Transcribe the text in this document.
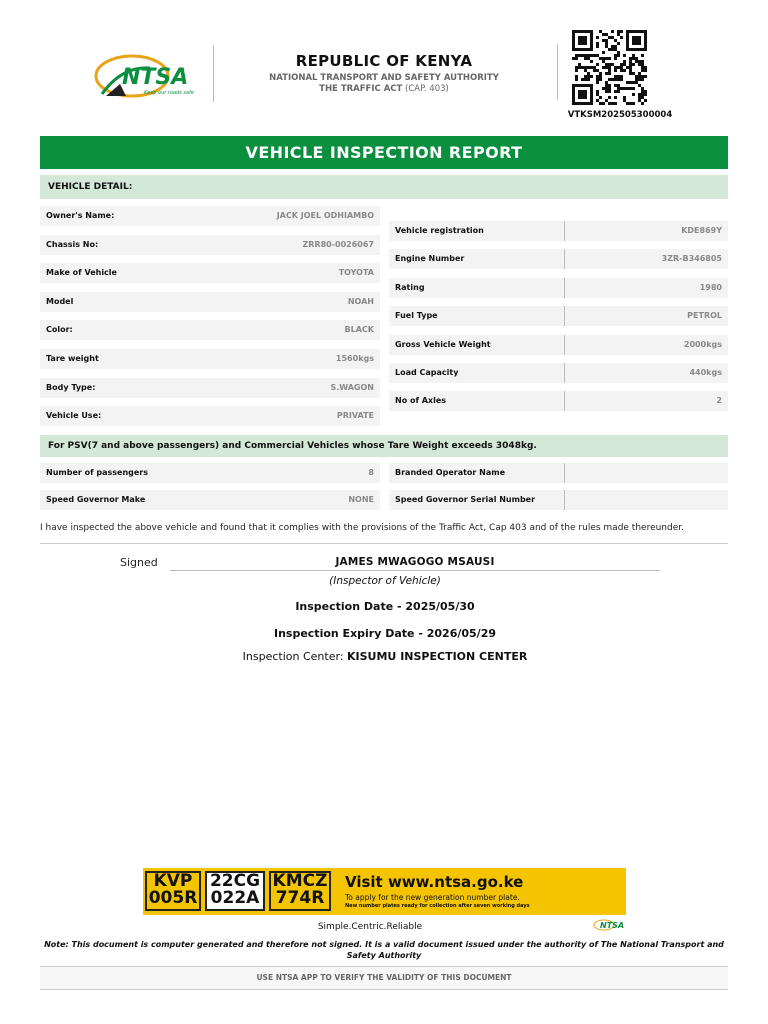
NTSA
Keep our roads safe
REPUBLIC OF KENYA
NATIONAL TRANSPORT AND SAFETY AUTHORITY
THE TRAFFIC ACT (CAP. 403)
VTKSM202505300004
VEHICLE INSPECTION REPORT
VEHICLE DETAIL:
Owner's Name:	JACK JOEL ODHIAMBO
Chassis No:	ZRR80-0026067
Make of Vehicle	TOYOTA
Model	NOAH
Color:	BLACK
Tare weight	1560kgs
Body Type:	S.WAGON
Vehicle Use:	PRIVATE
Vehicle registration	KDE869Y
Engine Number	3ZR-B346805
Rating	1980
Fuel Type	PETROL
Gross Vehicle Weight	2000kgs
Load Capacity	440kgs
No of Axles	2
For PSV(7 and above passengers) and Commercial Vehicles whose Tare Weight exceeds 3048kg.
Number of passengers	8	Branded Operator Name
Speed Governor Make	NONE	Speed Governor Serial Number
I have inspected the above vehicle and found that it complies with the provisions of the Traffic Act, Cap 403 and of the rules made thereunder.
Signed	JAMES MWAGOGO MSAUSI
(Inspector of Vehicle)
Inspection Date - 2025/05/30
Inspection Expiry Date - 2026/05/29
Inspection Center: KISUMU INSPECTION CENTER
KVP
005R
22CG
022A
KMCZ
774R
Visit www.ntsa.go.ke
To apply for the new generation number plate.
New number plates ready for collection after seven working days
Simple.Centric.Reliable	NTSA
Note: This document is computer generated and therefore not signed. It is a valid document issued under the authority of The National Transport and Safety Authority
USE NTSA APP TO VERIFY THE VALIDITY OF THIS DOCUMENT
